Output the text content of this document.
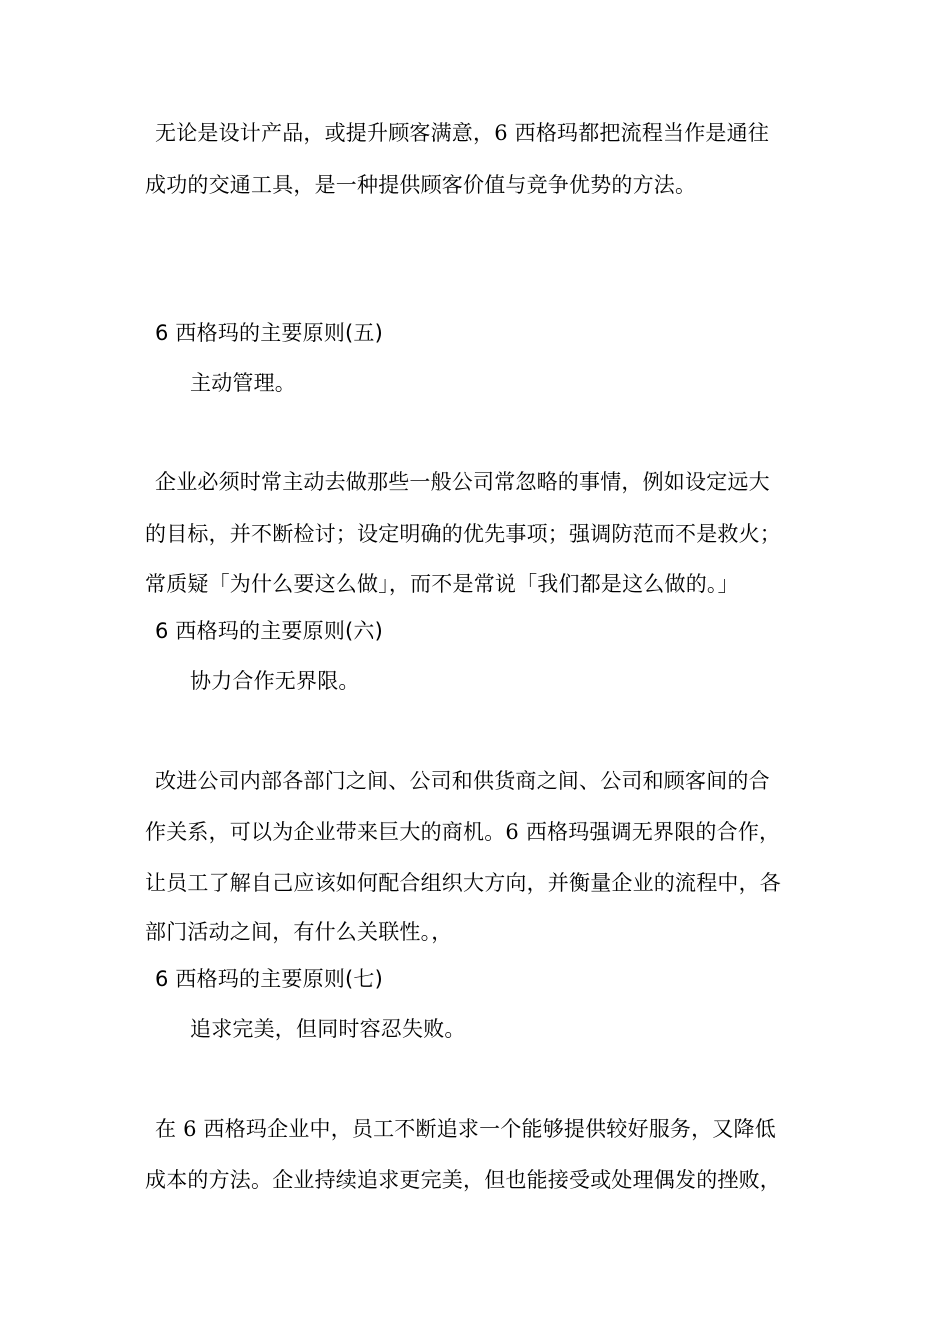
无论是设计产品，或提升顾客满意，6 西格玛都把流程当作是通往
成功的交通工具，是一种提供顾客价值与竞争优势的方法。
6 西格玛的主要原则(五)
主动管理。
企业必须时常主动去做那些一般公司常忽略的事情，例如设定远大
的目标，并不断检讨；设定明确的优先事项；强调防范而不是救火；
常质疑「为什么要这么做」，而不是常说「我们都是这么做的。」
6 西格玛的主要原则(六)
协力合作无界限。
改进公司内部各部门之间、公司和供货商之间、公司和顾客间的合
作关系，可以为企业带来巨大的商机。6 西格玛强调无界限的合作，
让员工了解自己应该如何配合组织大方向，并衡量企业的流程中，各
部门活动之间，有什么关联性。，
6 西格玛的主要原则(七)
追求完美，但同时容忍失败。
在 6 西格玛企业中，员工不断追求一个能够提供较好服务，又降低
成本的方法。企业持续追求更完美，但也能接受或处理偶发的挫败，
